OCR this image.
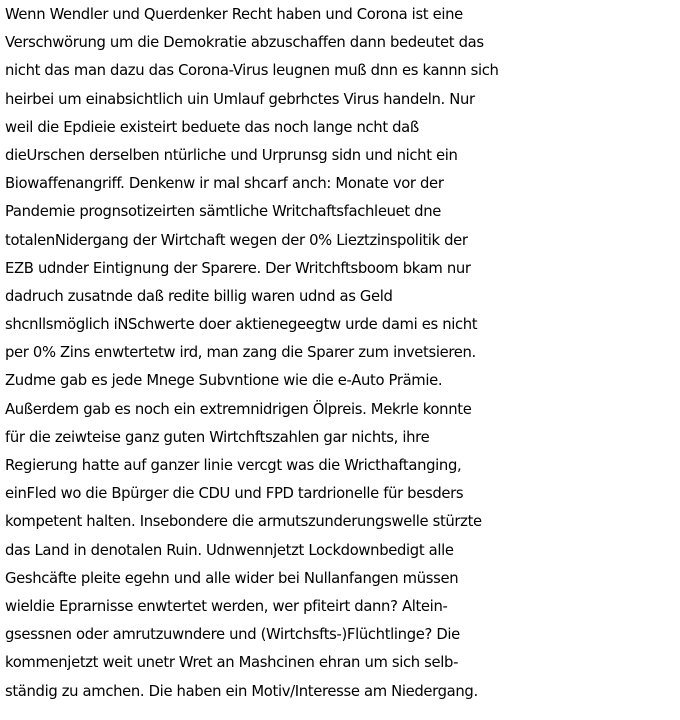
Wenn Wendler und Querdenker Recht haben und Corona ist eine
Verschwörung um die Demokratie abzuschaffen dann bedeutet das
nicht das man dazu das Corona-Virus leugnen muß dnn es kannn sich
heirbei um einabsichtlich uin Umlauf gebrhctes Virus handeln. Nur
weil die Epdieie existeirt beduete das noch lange ncht daß
dieUrschen derselben ntürliche und Urprunsg sidn und nicht ein
Biowaffenangriff. Denkenw ir mal shcarf anch: Monate vor der
Pandemie prognsotizeirten sämtliche Writchaftsfachleuet dne
totalenNidergang der Wirtchaft wegen der 0% Lieztzinspolitik der
EZB udnder Eintignung der Sparere. Der Writchftsboom bkam nur
dadruch zusatnde daß redite billig waren udnd as Geld
shcnllsmöglich iNSchwerte doer aktienegeegtw urde dami es nicht
per 0% Zins enwtertetw ird, man zang die Sparer zum invetsieren.
Zudme gab es jede Mnege Subvntione wie die e-Auto Prämie.
Außerdem gab es noch ein extremnidrigen Ölpreis. Mekrle konnte
für die zeiwteise ganz guten Wirtchftszahlen gar nichts, ihre
Regierung hatte auf ganzer linie vercgt was die Wricthaftanging,
einFled wo die Bpürger die CDU und FPD tardrionelle für besders
kompetent halten. Insebondere die armutszunderungswelle stürzte
das Land in denotalen Ruin. Udnwennjetzt Lockdownbedigt alle
Geshcäfte pleite egehn und alle wider bei Nullanfangen müssen
wieldie Eprarnisse enwtertet werden, wer pfiteirt dann? Altein-
gsessnen oder amrutzuwndere und (Wirtchsfts-)Flüchtlinge? Die
kommenjetzt weit unetr Wret an Mashcinen ehran um sich selb-
ständig zu amchen. Die haben ein Motiv/Interesse am Niedergang.
